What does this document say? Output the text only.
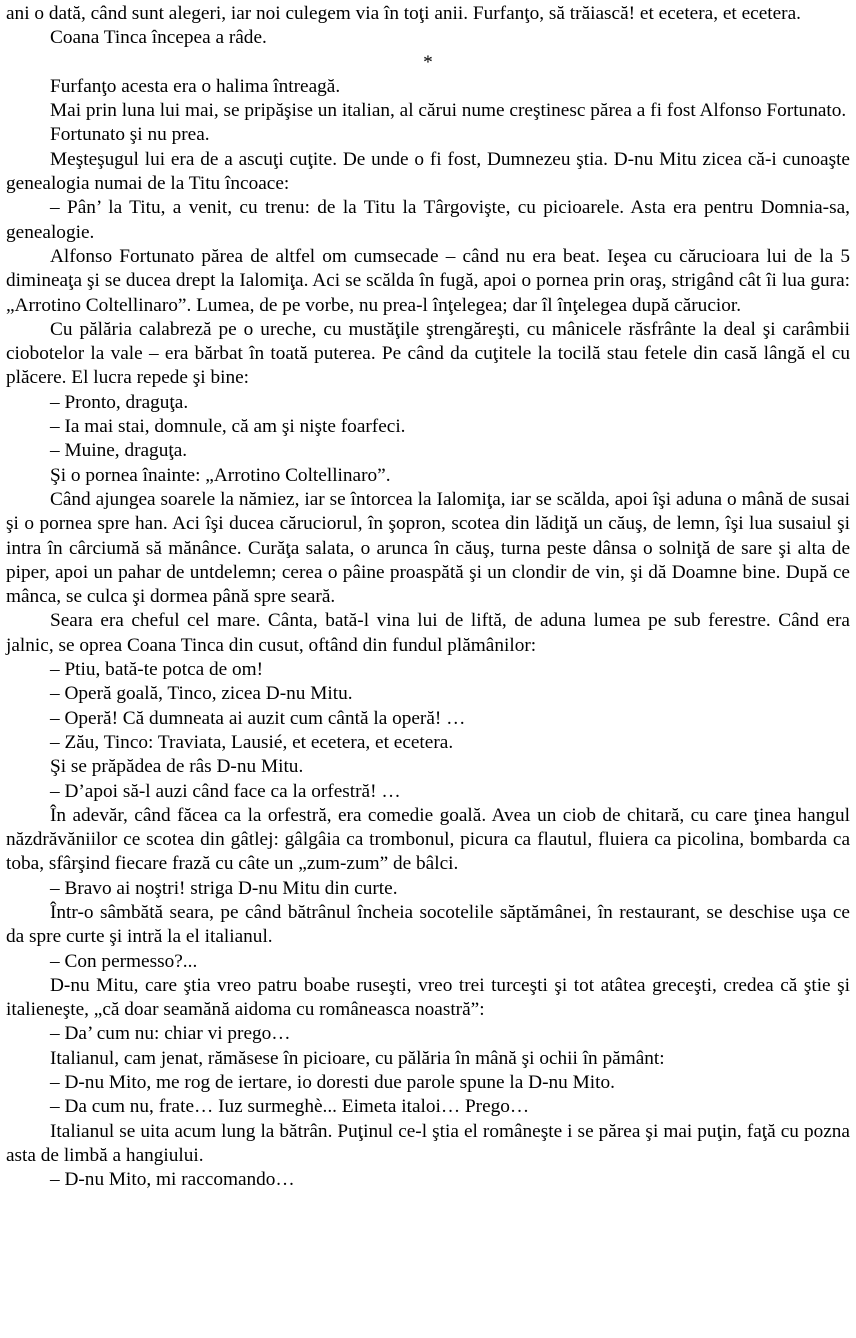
ani o dată, când sunt alegeri, iar noi culegem via în toţi anii. Furfanţo, să trăiască! et ecetera, et ecetera.

Coana Tinca începea a râde.

*

Furfanţo acesta era o halima întreagă.

Mai prin luna lui mai, se pripăşise un italian, al cărui nume creştinesc părea a fi fost Alfonso Fortunato.

Fortunato şi nu prea.

Meşteşugul lui era de a ascuţi cuţite. De unde o fi fost, Dumnezeu ştia. D-nu Mitu zicea că-i cunoaşte genealogia numai de la Titu încoace:

– Pân’ la Titu, a venit, cu trenu: de la Titu la Târgovişte, cu picioarele. Asta era pentru Domnia-sa, genealogie.

Alfonso Fortunato părea de altfel om cumsecade – când nu era beat. Ieşea cu cărucioara lui de la 5 dimineaţa şi se ducea drept la Ialomiţa. Aci se scălda în fugă, apoi o pornea prin oraş, strigând cât îi lua gura: „Arrotino Coltellinaro”. Lumea, de pe vorbe, nu prea-l înţelegea; dar îl înţelegea după cărucior.

Cu pălăria calabreză pe o ureche, cu mustăţile ştrengăreşti, cu mânicele răsfrânte la deal şi carâmbii ciobotelor la vale – era bărbat în toată puterea. Pe când da cuţitele la tocilă stau fetele din casă lângă el cu plăcere. El lucra repede şi bine:

– Pronto, draguţa.

– Ia mai stai, domnule, că am şi nişte foarfeci.

– Muine, draguţa.

Şi o pornea înainte: „Arrotino Coltellinaro”.

Când ajungea soarele la nămiez, iar se întorcea la Ialomiţa, iar se scălda, apoi îşi aduna o mână de susai şi o pornea spre han. Aci îşi ducea căruciorul, în şopron, scotea din lădiţă un căuş, de lemn, îşi lua susaiul şi intra în cârciumă să mănânce. Curăţa salata, o arunca în căuş, turna peste dânsa o solniţă de sare şi alta de piper, apoi un pahar de untdelemn; cerea o pâine proaspătă şi un clondir de vin, şi dă Doamne bine. După ce mânca, se culca şi dormea până spre seară.

Seara era cheful cel mare. Cânta, bată-l vina lui de liftă, de aduna lumea pe sub ferestre. Când era jalnic, se oprea Coana Tinca din cusut, oftând din fundul plămânilor:

– Ptiu, bată-te potca de om!

– Operă goală, Tinco, zicea D-nu Mitu.

– Operă! Că dumneata ai auzit cum cântă la operă! …

– Zău, Tinco: Traviata, Lausié, et ecetera, et ecetera.

Şi se prăpădea de râs D-nu Mitu.

– D’apoi să-l auzi când face ca la orfestră! …

În adevăr, când făcea ca la orfestră, era comedie goală. Avea un ciob de chitară, cu care ţinea hangul năzdrăvăniilor ce scotea din gâtlej: gâlgâia ca trombonul, picura ca flautul, fluiera ca picolina, bombarda ca toba, sfârşind fiecare frază cu câte un „zum-zum” de bâlci.

– Bravo ai noştri! striga D-nu Mitu din curte.

Într-o sâmbătă seara, pe când bătrânul încheia socotelile săptămânei, în restaurant, se deschise uşa ce da spre curte şi intră la el italianul.

– Con permesso?...

D-nu Mitu, care ştia vreo patru boabe ruseşti, vreo trei turceşti şi tot atâtea greceşti, credea că ştie şi italieneşte, „că doar seamănă aidoma cu româneasca noastră”:

– Da’ cum nu: chiar vi prego…

Italianul, cam jenat, rămăsese în picioare, cu pălăria în mână şi ochii în pământ:

– D-nu Mito, me rog de iertare, io doresti due parole spune la D-nu Mito.

– Da cum nu, frate… Iuz surmeghè... Eimeta italoi… Prego…

Italianul se uita acum lung la bătrân. Puţinul ce-l ştia el româneşte i se părea şi mai puţin, faţă cu pozna asta de limbă a hangiului.

– D-nu Mito, mi raccomando…
